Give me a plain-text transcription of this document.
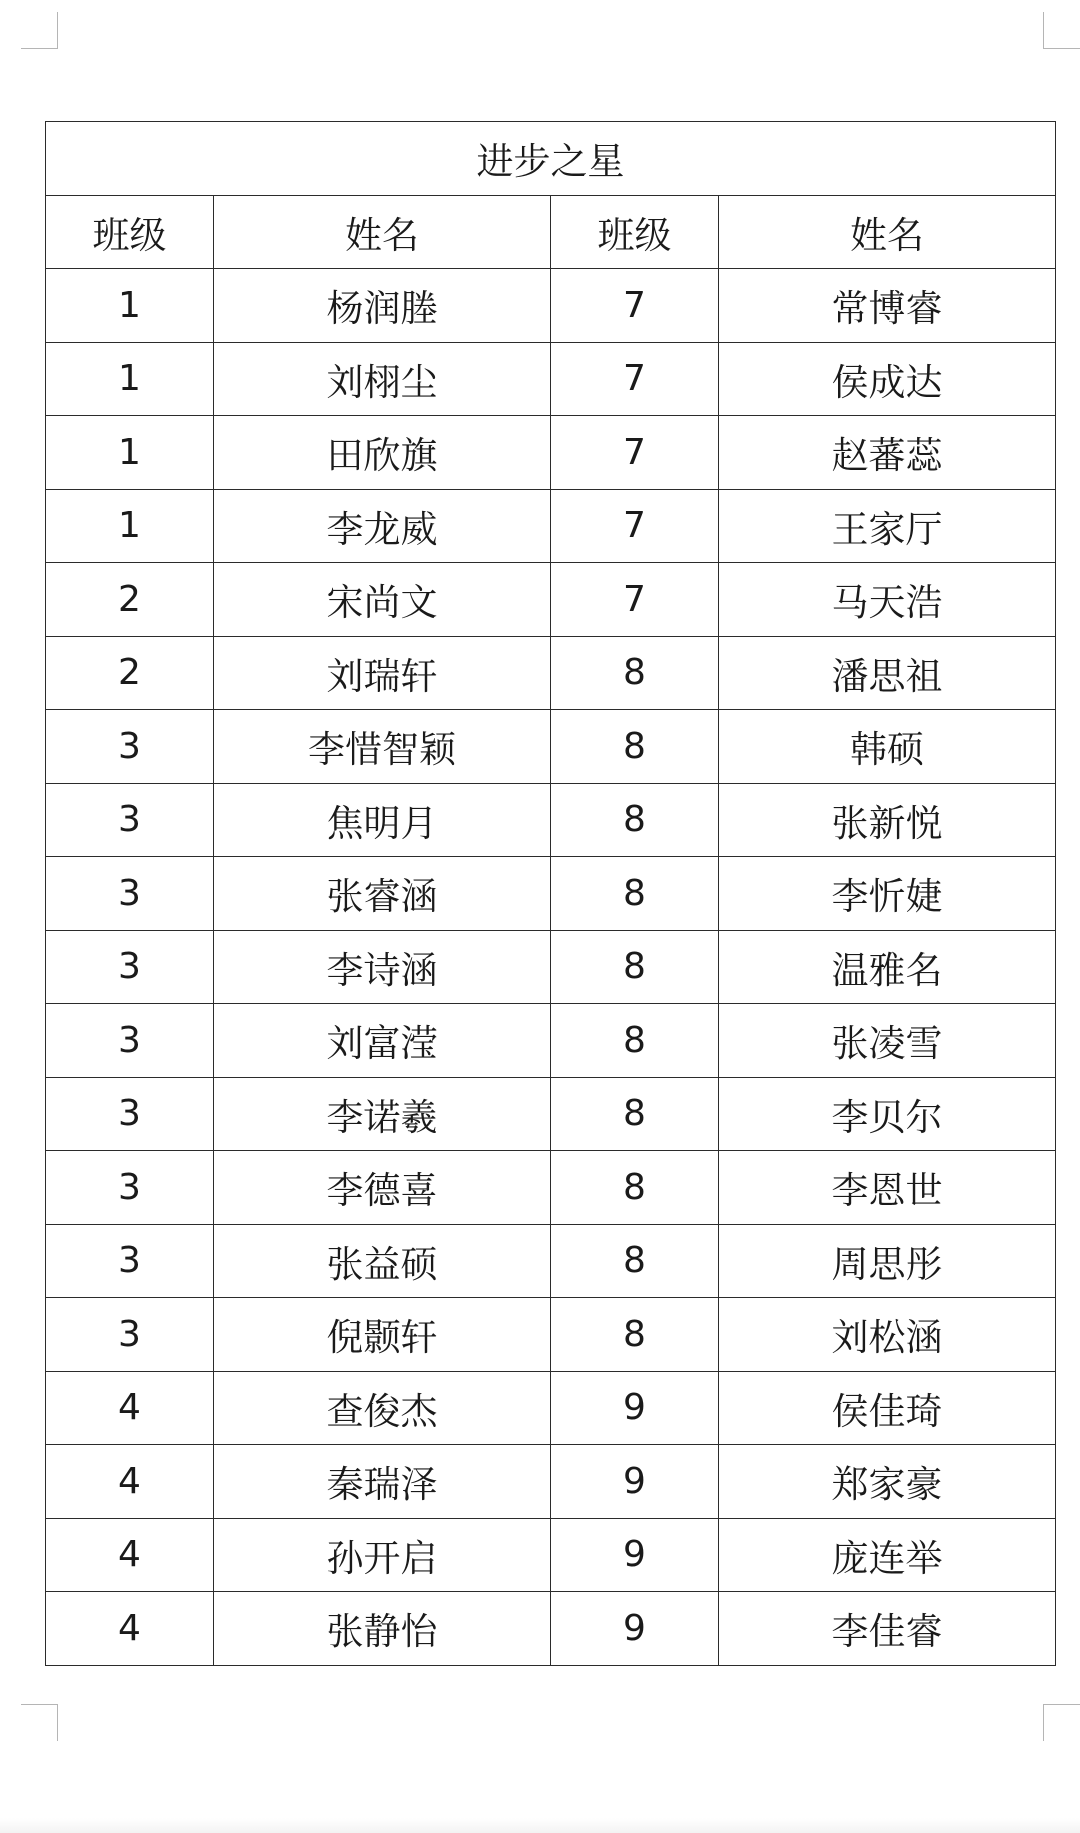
进步之星			
班级	姓名	班级	姓名
1	杨润塍	7	常博睿
1	刘栩尘	7	侯成达
1	田欣旗	7	赵蕃蕊
1	李龙威	7	王家厅
2	宋尚文	7	马天浩
2	刘瑞轩	8	潘思祖
3	李惜智颖	8	韩硕
3	焦明月	8	张新悦
3	张睿涵	8	李忻婕
3	李诗涵	8	温雅名
3	刘富滢	8	张凌雪
3	李诺羲	8	李贝尔
3	李德喜	8	李恩世
3	张益硕	8	周思彤
3	倪颢轩	8	刘松涵
4	查俊杰	9	侯佳琦
4	秦瑞泽	9	郑家豪
4	孙开启	9	庞连举
4	张静怡	9	李佳睿
